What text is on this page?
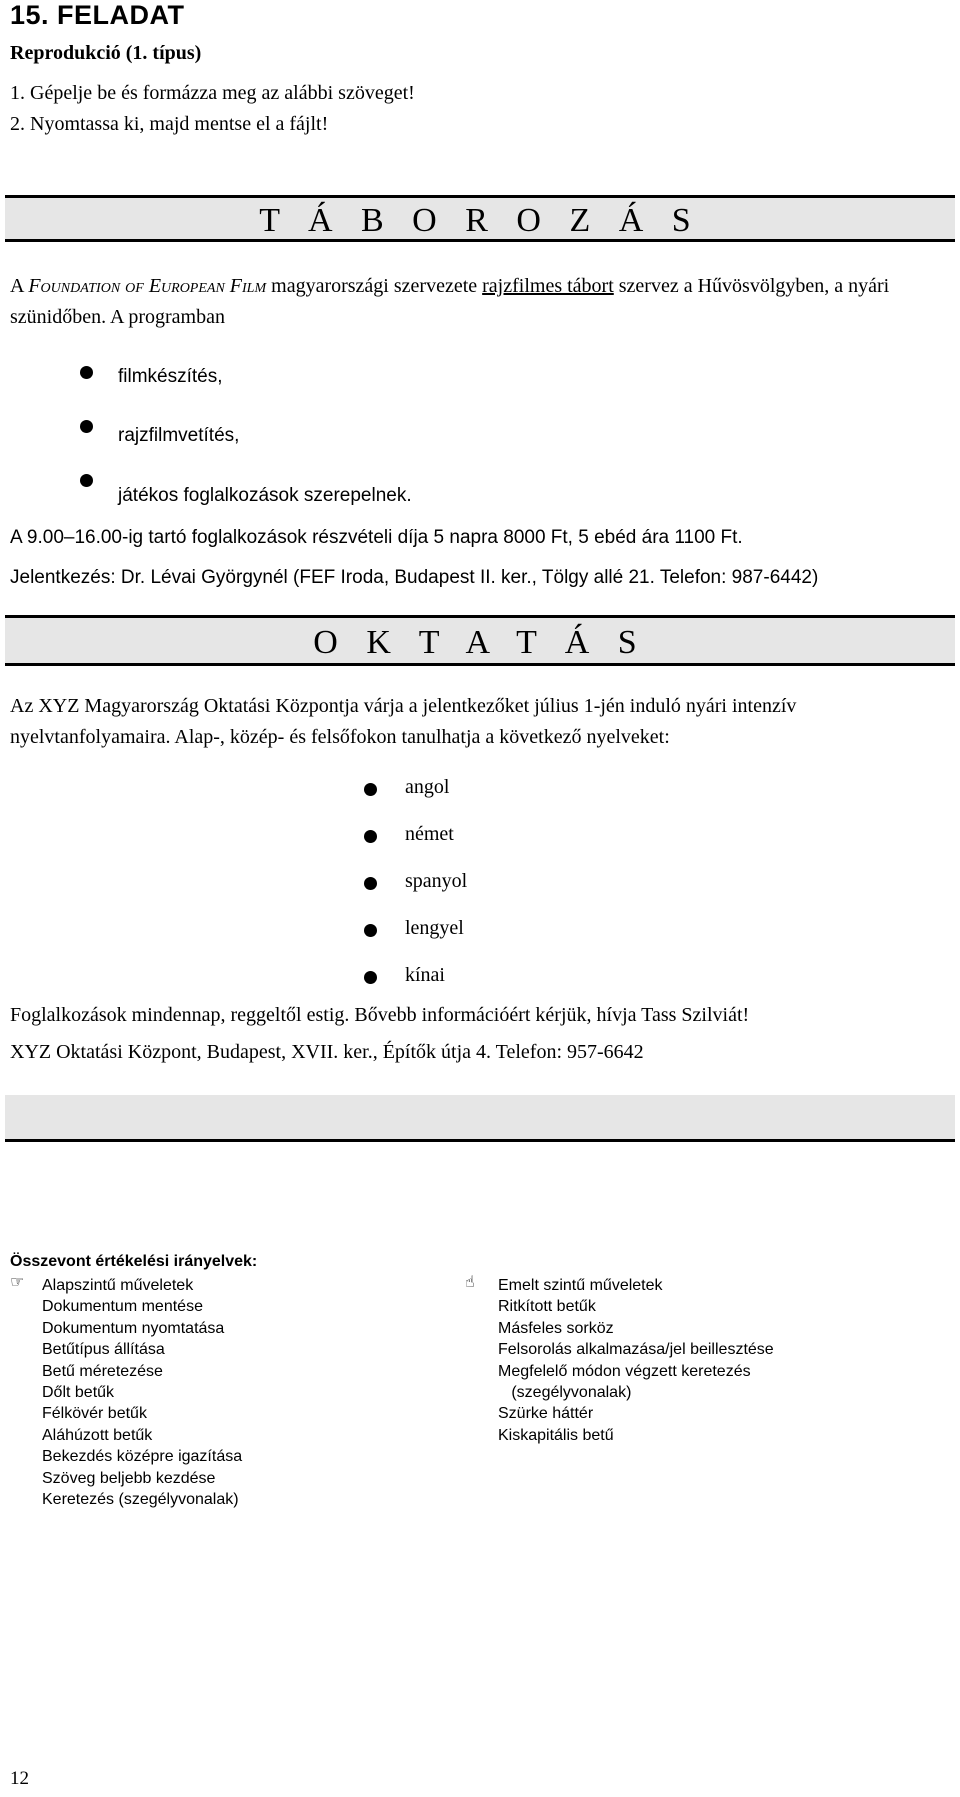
15. FELADAT
Reprodukció (1. típus)
1. Gépelje be és formázza meg az alábbi szöveget!
2. Nyomtassa ki, majd mentse el a fájlt!
T Á B O R O Z Á S
A Foundation of European Film magyarországi szervezete rajzfilmes tábort szervez a Hűvösvölgyben, a nyári szünidőben. A programban
filmkészítés,
rajzfilmvetítés,
játékos foglalkozások szerepelnek.
A 9.00–16.00-ig tartó foglalkozások részvételi díja 5 napra 8000 Ft, 5 ebéd ára 1100 Ft.
Jelentkezés: Dr. Lévai Györgynél (FEF Iroda, Budapest II. ker., Tölgy allé 21. Telefon: 987-6442)
O K T A T Á S
Az XYZ Magyarország Oktatási Központja várja a jelentkezőket július 1-jén induló nyári intenzív nyelvtanfolyamaira. Alap-, közép- és felsőfokon tanulhatja a következő nyelveket:
angol
német
spanyol
lengyel
kínai
Foglalkozások mindennap, reggeltől estig. Bővebb információért kérjük, hívja Tass Szilviát!
XYZ Oktatási Központ, Budapest, XVII. ker., Építők útja 4. Telefon: 957-6642
Összevont értékelési irányelvek:
☞ Alapszintű műveletek
Dokumentum mentése
Dokumentum nyomtatása
Betűtípus állítása
Betű méretezése
Dőlt betűk
Félkövér betűk
Aláhúzott betűk
Bekezdés középre igazítása
Szöveg beljebb kezdése
Keretezés (szegélyvonalak)
☝ Emelt szintű műveletek
Ritkított betűk
Másfeles sorköz
Felsorolás alkalmazása/jel beillesztése
Megfelelő módon végzett keretezés
(szegélyvonalak)
Szürke háttér
Kiskapitális betű
12
